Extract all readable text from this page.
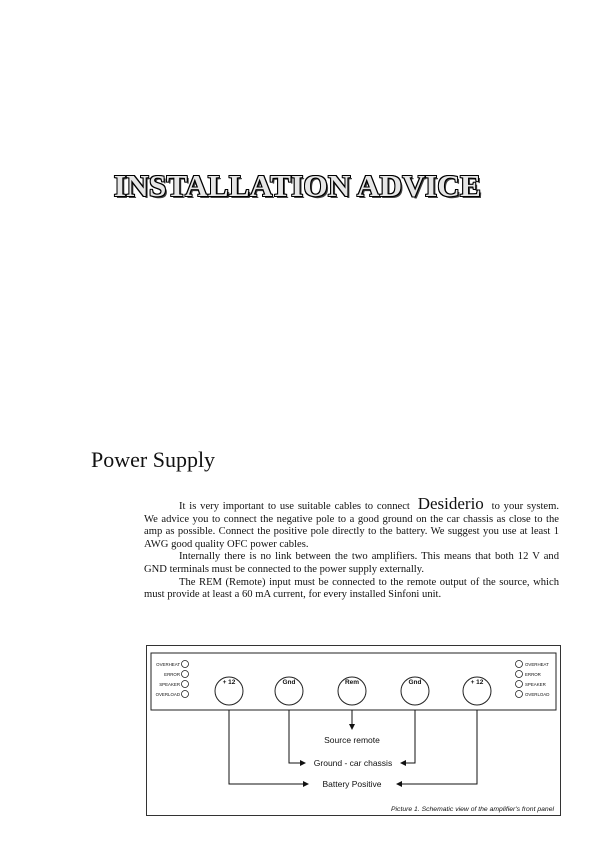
INSTALLATION ADVICE
Power Supply

It is very important to use suitable cables to connect Desiderio to your system. We advice you to connect the negative pole to a good ground on the car chassis as close to the amp as possible. Connect the positive pole directly to the battery. We suggest you use at least 1 AWG good quality OFC power cables.

Internally there is no link between the two amplifiers. This means that both 12 V and GND terminals must be connected to the power supply externally.

The REM (Remote) input must be connected to the remote output of the source, which must provide at least a 60 mA current, for every installed Sinfoni unit.

OVERHEAT
ERROR
SPEAKER
OVERLOAD
OVERHEAT
ERROR
SPEAKER
OVERLOAD
+ 12	Gnd	Rem	Gnd	+ 12
Source remote
Ground - car chassis
Battery Positive
Picture 1. Schematic view of the amplifier's front panel
